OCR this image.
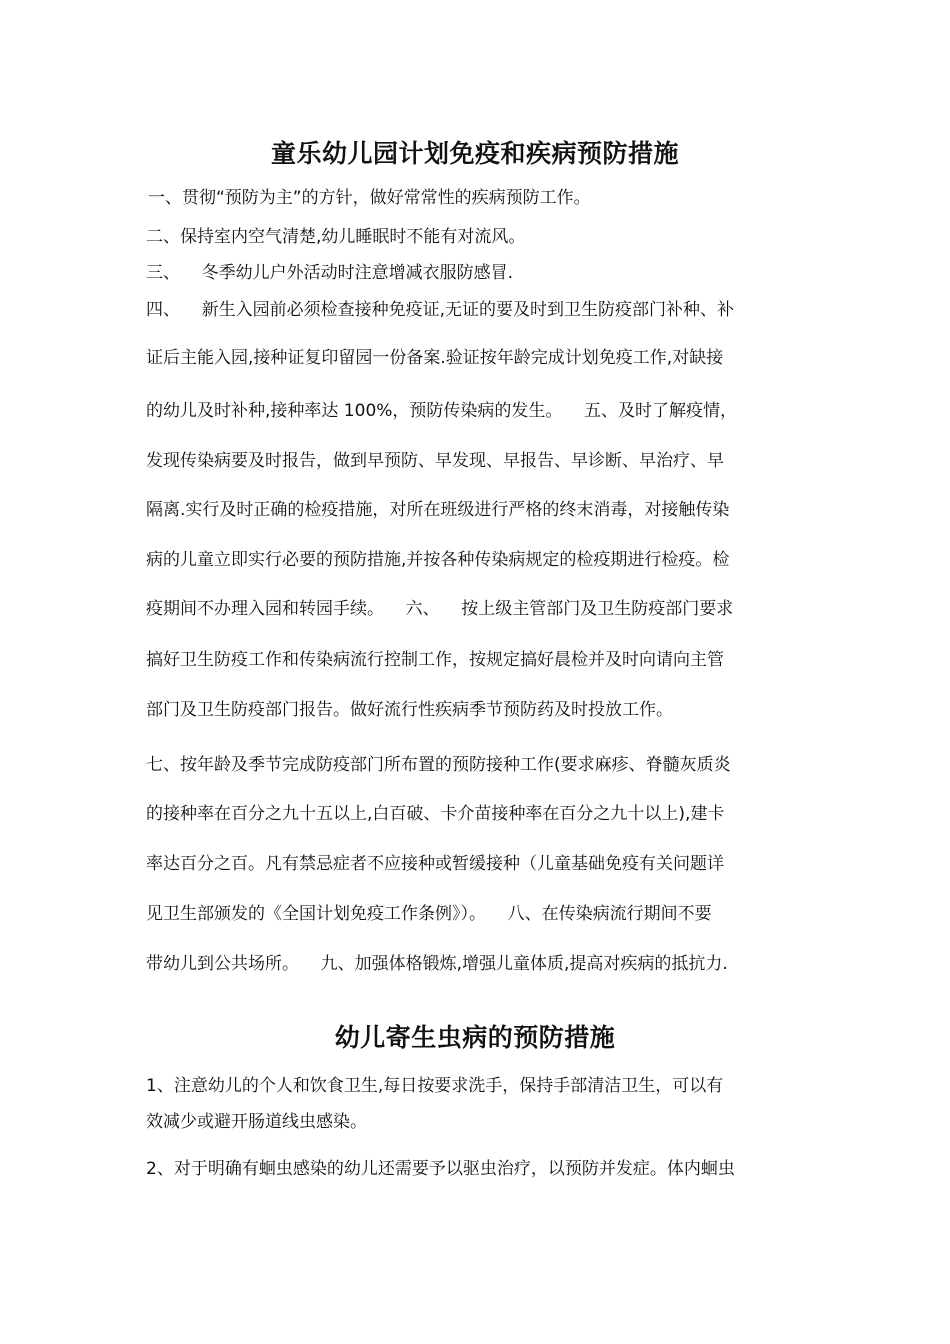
童乐幼儿园计划免疫和疾病预防措施

一、贯彻“预防为主”的方针，做好常常性的疾病预防工作。

二、保持室内空气清楚,幼儿睡眠时不能有对流风。

三、    冬季幼儿户外活动时注意增减衣服防感冒.

四、    新生入园前必须检查接种免疫证,无证的要及时到卫生防疫部门补种、补

证后主能入园,接种证复印留园一份备案.验证按年龄完成计划免疫工作,对缺接

的幼儿及时补种,接种率达 100%，预防传染病的发生。    五、及时了解疫情，

发现传染病要及时报告，做到早预防、早发现、早报告、早诊断、早治疗、早

隔离.实行及时正确的检疫措施，对所在班级进行严格的终末消毒，对接触传染

病的儿童立即实行必要的预防措施,并按各种传染病规定的检疫期进行检疫。检

疫期间不办理入园和转园手续。    六、    按上级主管部门及卫生防疫部门要求

搞好卫生防疫工作和传染病流行控制工作，按规定搞好晨检并及时向请向主管

部门及卫生防疫部门报告。做好流行性疾病季节预防药及时投放工作。

七、按年龄及季节完成防疫部门所布置的预防接种工作(要求麻疹、脊髓灰质炎

的接种率在百分之九十五以上,白百破、卡介苗接种率在百分之九十以上),建卡

率达百分之百。凡有禁忌症者不应接种或暂缓接种（儿童基础免疫有关问题详

见卫生部颁发的《全国计划免疫工作条例》）。    八、在传染病流行期间不要

带幼儿到公共场所。    九、加强体格锻炼,增强儿童体质,提高对疾病的抵抗力.

幼儿寄生虫病的预防措施

1、注意幼儿的个人和饮食卫生,每日按要求洗手，保持手部清洁卫生，可以有

效减少或避开肠道线虫感染。

2、对于明确有蛔虫感染的幼儿还需要予以驱虫治疗，以预防并发症。体内蛔虫
